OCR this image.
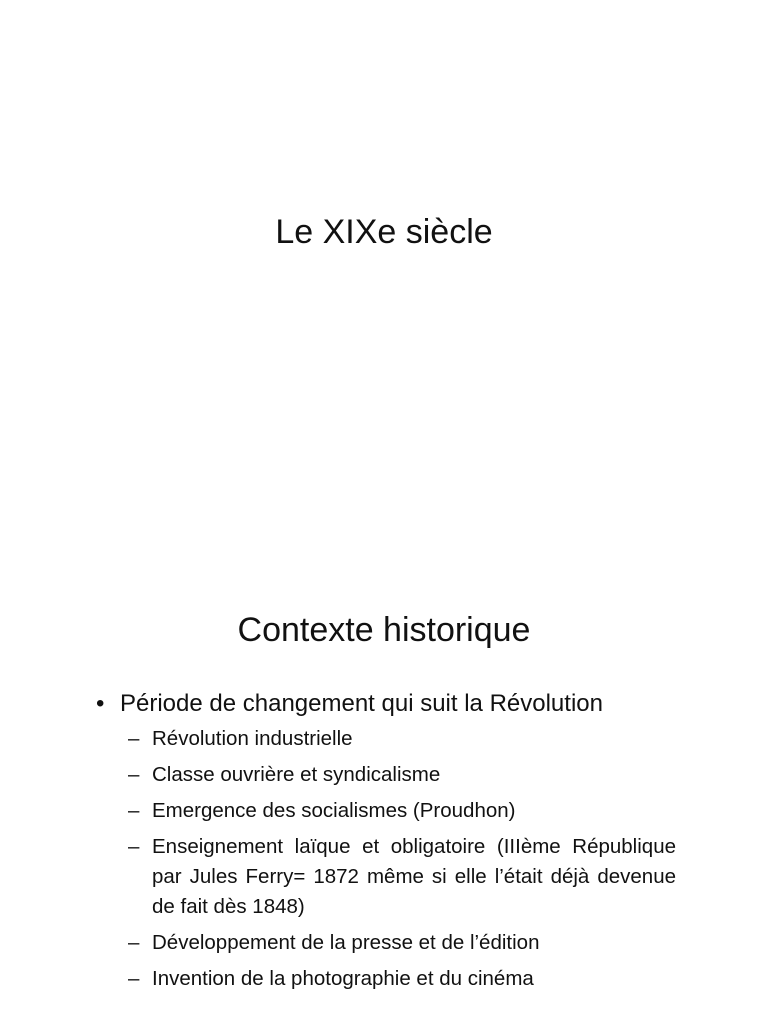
Le XIXe siècle
Contexte historique
• Période de changement qui suit la Révolution
– Révolution industrielle
– Classe ouvrière et syndicalisme
– Emergence des socialismes (Proudhon)
– Enseignement laïque et obligatoire (IIIème République par Jules Ferry= 1872 même si elle l’était déjà devenue de fait dès 1848)
– Développement de la presse et de l’édition
– Invention de la photographie et du cinéma
